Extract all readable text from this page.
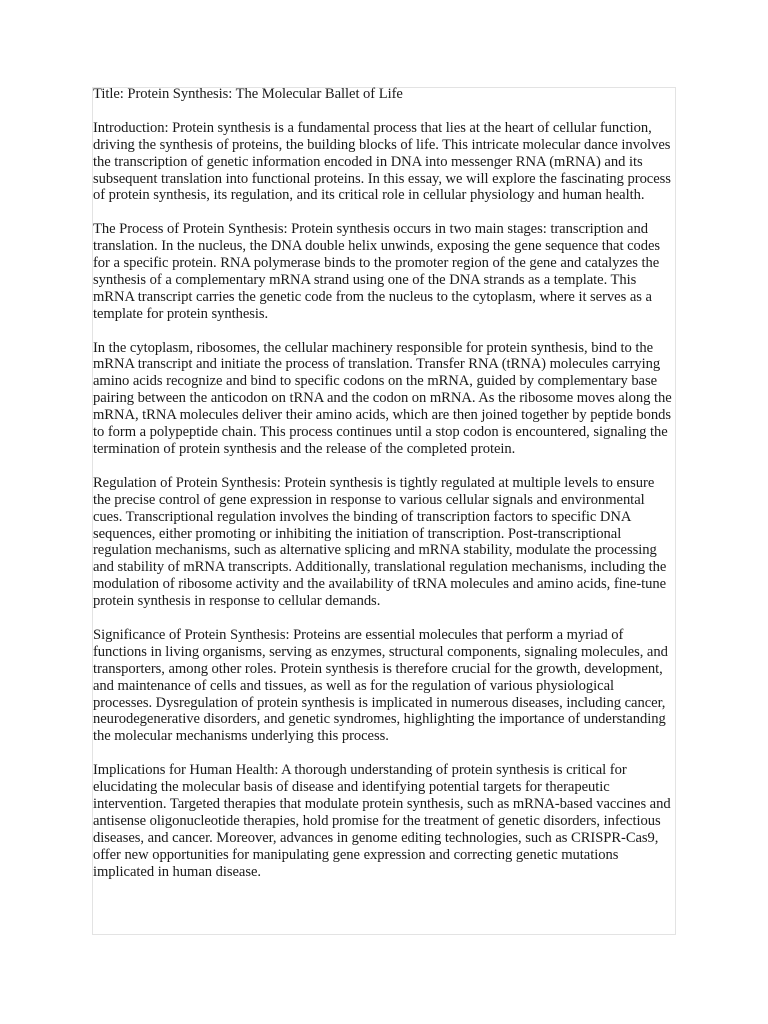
Title: Protein Synthesis: The Molecular Ballet of Life

Introduction: Protein synthesis is a fundamental process that lies at the heart of cellular function, driving the synthesis of proteins, the building blocks of life. This intricate molecular dance involves the transcription of genetic information encoded in DNA into messenger RNA (mRNA) and its subsequent translation into functional proteins. In this essay, we will explore the fascinating process of protein synthesis, its regulation, and its critical role in cellular physiology and human health.

The Process of Protein Synthesis: Protein synthesis occurs in two main stages: transcription and translation. In the nucleus, the DNA double helix unwinds, exposing the gene sequence that codes for a specific protein. RNA polymerase binds to the promoter region of the gene and catalyzes the synthesis of a complementary mRNA strand using one of the DNA strands as a template. This mRNA transcript carries the genetic code from the nucleus to the cytoplasm, where it serves as a template for protein synthesis.

In the cytoplasm, ribosomes, the cellular machinery responsible for protein synthesis, bind to the mRNA transcript and initiate the process of translation. Transfer RNA (tRNA) molecules carrying amino acids recognize and bind to specific codons on the mRNA, guided by complementary base pairing between the anticodon on tRNA and the codon on mRNA. As the ribosome moves along the mRNA, tRNA molecules deliver their amino acids, which are then joined together by peptide bonds to form a polypeptide chain. This process continues until a stop codon is encountered, signaling the termination of protein synthesis and the release of the completed protein.

Regulation of Protein Synthesis: Protein synthesis is tightly regulated at multiple levels to ensure the precise control of gene expression in response to various cellular signals and environmental cues. Transcriptional regulation involves the binding of transcription factors to specific DNA sequences, either promoting or inhibiting the initiation of transcription. Post-transcriptional regulation mechanisms, such as alternative splicing and mRNA stability, modulate the processing and stability of mRNA transcripts. Additionally, translational regulation mechanisms, including the modulation of ribosome activity and the availability of tRNA molecules and amino acids, fine-tune protein synthesis in response to cellular demands.

Significance of Protein Synthesis: Proteins are essential molecules that perform a myriad of functions in living organisms, serving as enzymes, structural components, signaling molecules, and transporters, among other roles. Protein synthesis is therefore crucial for the growth, development, and maintenance of cells and tissues, as well as for the regulation of various physiological processes. Dysregulation of protein synthesis is implicated in numerous diseases, including cancer, neurodegenerative disorders, and genetic syndromes, highlighting the importance of understanding the molecular mechanisms underlying this process.

Implications for Human Health: A thorough understanding of protein synthesis is critical for elucidating the molecular basis of disease and identifying potential targets for therapeutic intervention. Targeted therapies that modulate protein synthesis, such as mRNA-based vaccines and antisense oligonucleotide therapies, hold promise for the treatment of genetic disorders, infectious diseases, and cancer. Moreover, advances in genome editing technologies, such as CRISPR-Cas9, offer new opportunities for manipulating gene expression and correcting genetic mutations implicated in human disease.
